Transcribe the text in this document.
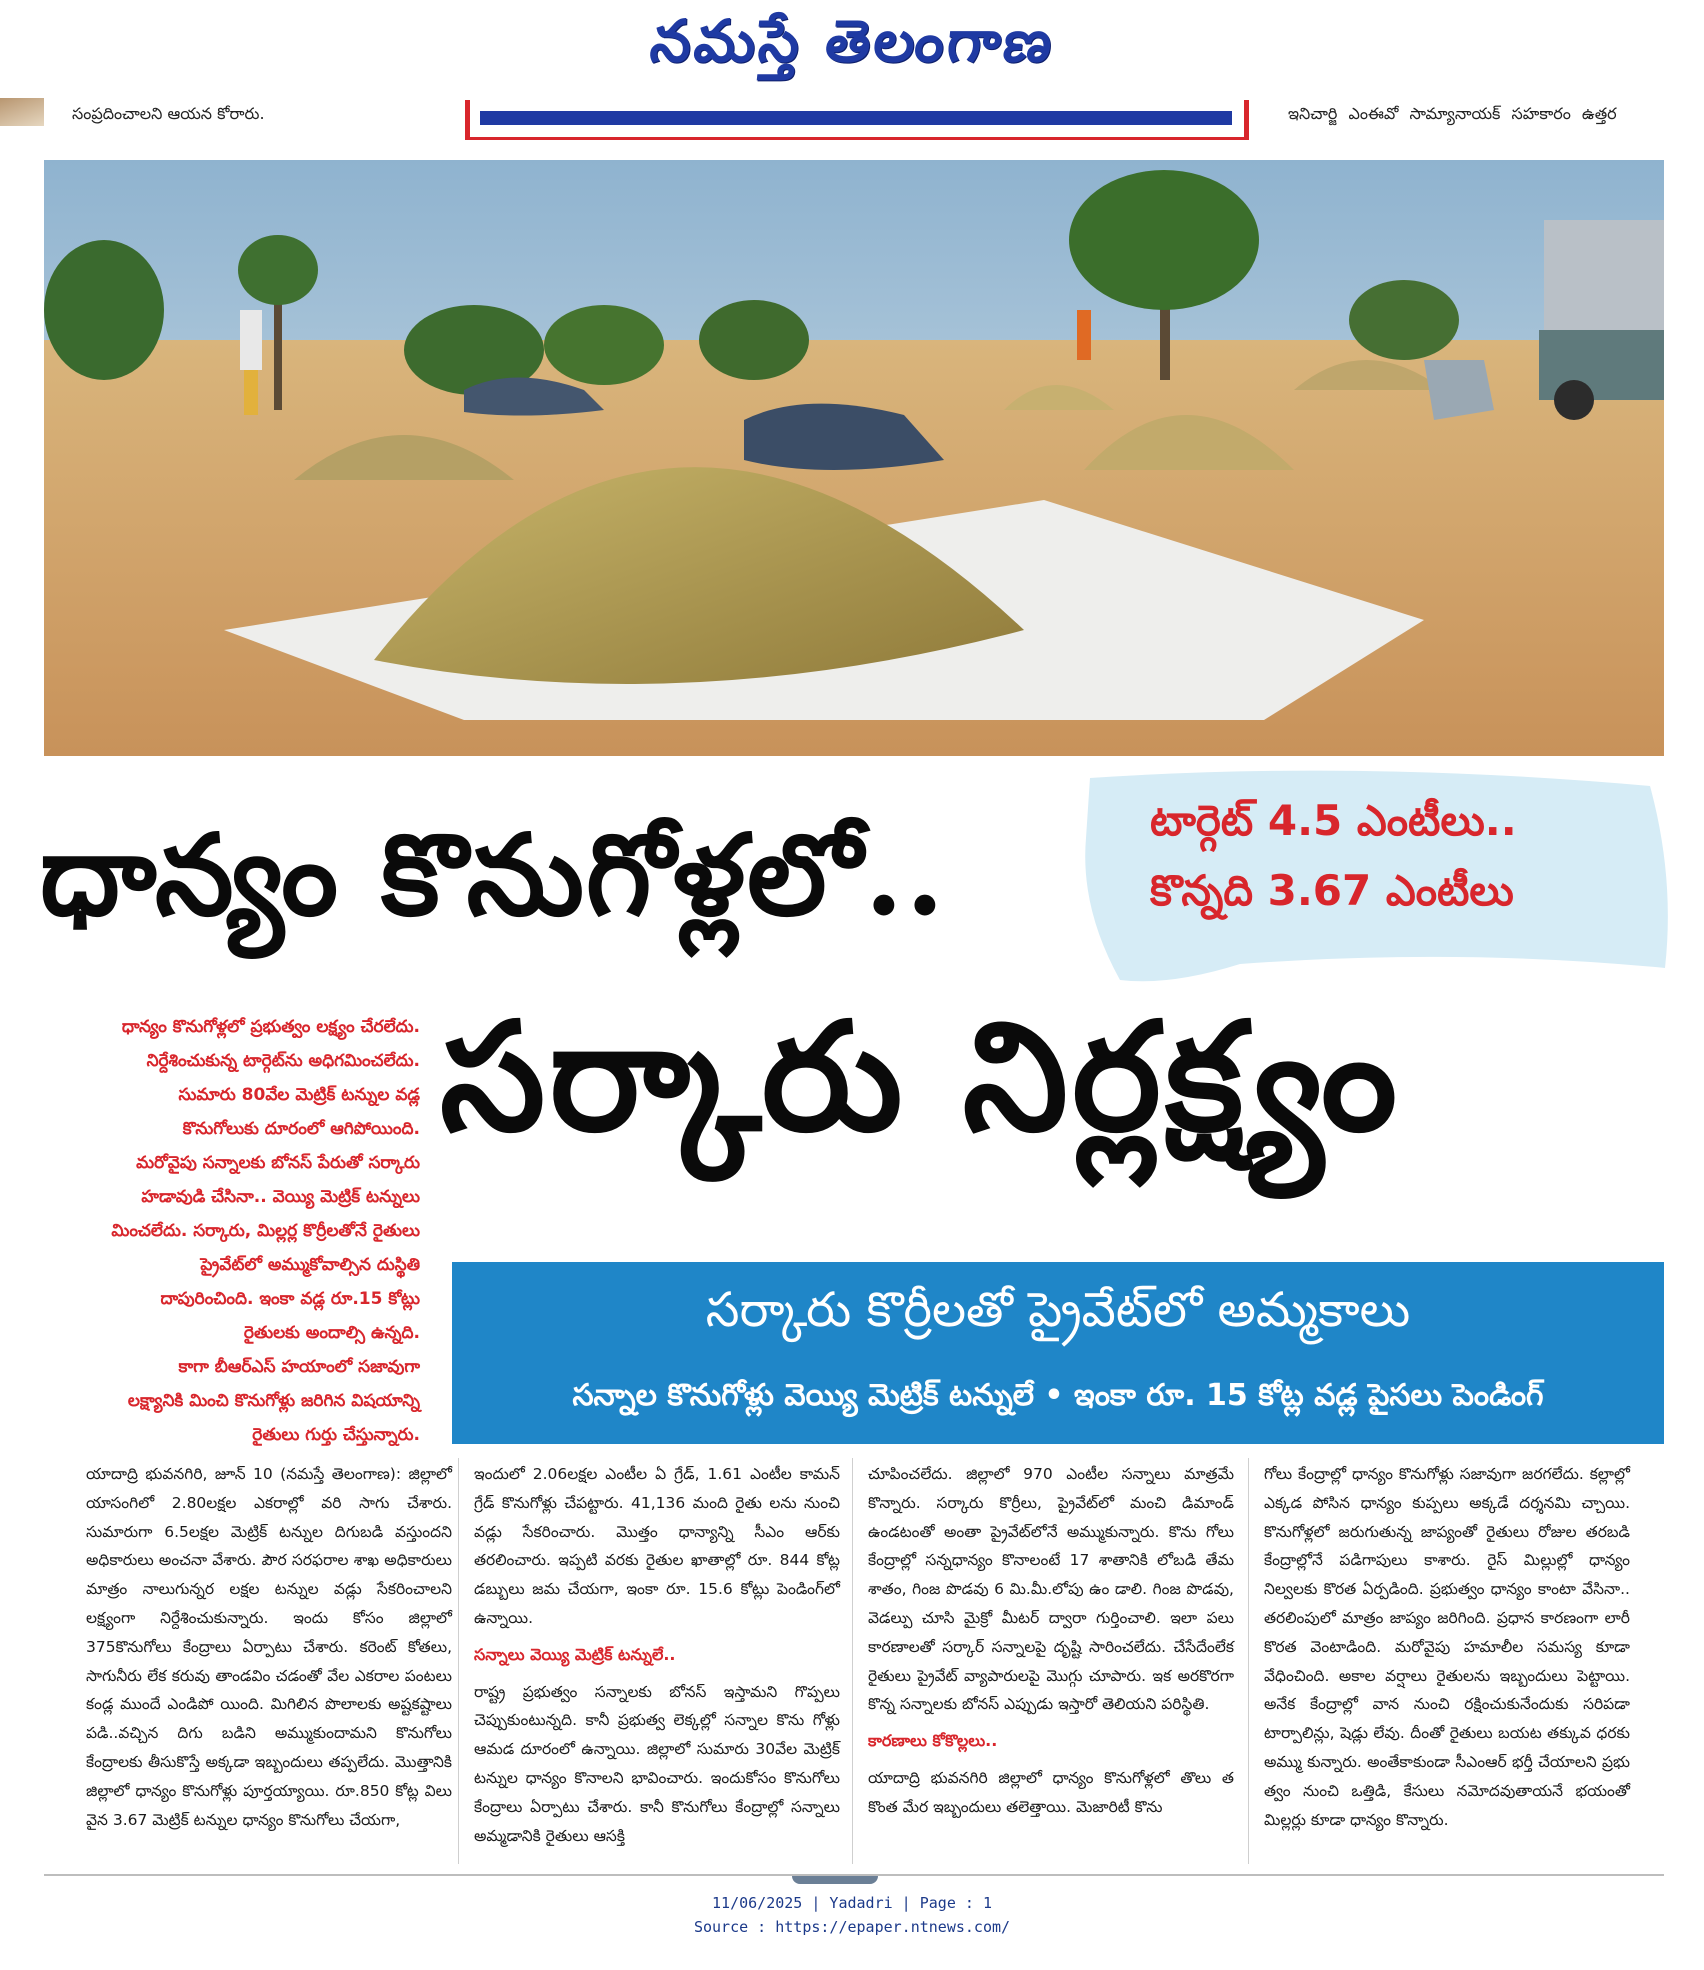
నమస్తే తెలంగాణ
సంప్రదించాలని ఆయన కోరారు.	ఇనిచార్జి ఎంఈవో సామ్యానాయక్ సహకారం ఉత్తర
ధాన్యం కొనుగోళ్లలో..	టార్గెట్ 4.5 ఎంటీలు..
కొన్నది 3.67 ఎంటీలు
సర్కారు నిర్లక్ష్యం

ధాన్యం కొనుగోళ్లలో ప్రభుత్వం లక్ష్యం చేరలేదు.

నిర్దేశించుకున్న టార్గెట్‌ను అధిగమించలేదు.

సుమారు 80వేల మెట్రిక్ టన్నుల వడ్ల

కొనుగోలుకు దూరంలో ఆగిపోయింది.

మరోవైపు సన్నాలకు బోనస్ పేరుతో సర్కారు

హడావుడి చేసినా.. వెయ్యి మెట్రిక్ టన్నులు

మించలేదు. సర్కారు, మిల్లర్ల కొర్రీలతోనే రైతులు

ప్రైవేట్‌లో అమ్ముకోవాల్సిన దుస్థితి

దాపురించింది. ఇంకా వడ్ల రూ.15 కోట్లు

రైతులకు అందాల్సి ఉన్నది.

కాగా బీఆర్ఎస్ హయాంలో సజావుగా

లక్ష్యానికి మించి కొనుగోళ్లు జరిగిన విషయాన్ని

రైతులు గుర్తు చేస్తున్నారు.

సర్కారు కొర్రీలతో ప్రైవేట్‌లో అమ్మకాలు
సన్నాల కొనుగోళ్లు వెయ్యి మెట్రిక్ టన్నులే • ఇంకా రూ. 15 కోట్ల వడ్ల పైసలు పెండింగ్

యాదాద్రి భువనగిరి, జూన్ 10 (నమస్తే తెలంగాణ): జిల్లాలో యాసంగిలో 2.80లక్షల ఎకరాల్లో వరి సాగు చేశారు. సుమారుగా 6.5లక్షల మెట్రిక్ టన్నుల దిగుబడి వస్తుందని అధికారులు అంచనా వేశారు. పౌర సరఫరాల శాఖ అధికారులు మాత్రం నాలుగున్నర లక్షల టన్నుల వడ్లు సేకరించాలని లక్ష్యంగా నిర్దేశించుకున్నారు. ఇందు కోసం జిల్లాలో 375కొనుగోలు కేంద్రాలు ఏర్పాటు చేశారు. కరెంట్ కోతలు, సాగునీరు లేక కరువు తాండవిం చడంతో వేల ఎకరాల పంటలు కండ్ల ముందే ఎండిపో యింది. మిగిలిన పొలాలకు అష్టకష్టాలు పడి..వచ్చిన దిగు బడిని అమ్ముకుందామని కొనుగోలు కేంద్రాలకు తీసుకొస్తే అక్కడా ఇబ్బందులు తప్పలేదు. మొత్తానికి జిల్లాలో ధాన్యం కొనుగోళ్లు పూర్తయ్యాయి. రూ.850 కోట్ల విలు వైన 3.67 మెట్రిక్ టన్నుల ధాన్యం కొనుగోలు చేయగా,

ఇందులో 2.06లక్షల ఎంటీల ఏ గ్రేడ్, 1.61 ఎంటీల కామన్ గ్రేడ్ కొనుగోళ్లు చేపట్టారు. 41,136 మంది రైతు లను నుంచి వడ్లు సేకరించారు. మొత్తం ధాన్యాన్ని సీఎం ఆర్‌కు తరలించారు. ఇప్పటి వరకు రైతుల ఖాతాల్లో రూ. 844 కోట్ల డబ్బులు జమ చేయగా, ఇంకా రూ. 15.6 కోట్లు పెండింగ్‌లో ఉన్నాయి.

సన్నాలు వెయ్యి మెట్రిక్ టన్నులే..

రాష్ట్ర ప్రభుత్వం సన్నాలకు బోనస్ ఇస్తామని గొప్పలు చెప్పుకుంటున్నది. కానీ ప్రభుత్వ లెక్కల్లో సన్నాల కొను గోళ్లు ఆమడ దూరంలో ఉన్నాయి. జిల్లాలో సుమారు 30వేల మెట్రిక్ టన్నుల ధాన్యం కొనాలని భావించారు. ఇందుకోసం కొనుగోలు కేంద్రాలు ఏర్పాటు చేశారు. కానీ కొనుగోలు కేంద్రాల్లో సన్నాలు అమ్మడానికి రైతులు ఆసక్తి

చూపించలేదు. జిల్లాలో 970 ఎంటీల సన్నాలు మాత్రమే కొన్నారు. సర్కారు కొర్రీలు, ప్రైవేట్‌లో మంచి డిమాండ్ ఉండటంతో అంతా ప్రైవేట్‌లోనే అమ్ముకున్నారు. కొను గోలు కేంద్రాల్లో సన్నధాన్యం కొనాలంటే 17 శాతానికి లోబడి తేమ శాతం, గింజ పొడవు 6 మి.మీ.లోపు ఉం డాలి. గింజ పొడవు, వెడల్పు చూసి మైక్రో మీటర్ ద్వారా గుర్తించాలి. ఇలా పలు కారణాలతో సర్కార్ సన్నాలపై దృష్టి సారించలేదు. చేసేదేంలేక రైతులు ప్రైవేట్ వ్యాపారులపై మొగ్గు చూపారు. ఇక అరకొరగా కొన్న సన్నాలకు బోనస్ ఎప్పుడు ఇస్తారో తెలియని పరిస్థితి.

కారణాలు కోకొల్లలు..

యాదాద్రి భువనగిరి జిల్లాలో ధాన్యం కొనుగోళ్లలో తొలు త కొంత మేర ఇబ్బందులు తలెత్తాయి. మెజారిటీ కొను

గోలు కేంద్రాల్లో ధాన్యం కొనుగోళ్లు సజావుగా జరగలేదు. కల్లాల్లో ఎక్కడ పోసిన ధాన్యం కుప్పలు అక్కడే దర్శనమి చ్చాయి. కొనుగోళ్లలో జరుగుతున్న జాప్యంతో రైతులు రోజుల తరబడి కేంద్రాల్లోనే పడిగాపులు కాశారు. రైస్ మిల్లుల్లో ధాన్యం నిల్వలకు కొరత ఏర్పడింది. ప్రభుత్వం ధాన్యం కాంటా వేసినా.. తరలింపులో మాత్రం జాప్యం జరిగింది. ప్రధాన కారణంగా లారీ కొరత వెంటాడింది. మరోవైపు హమాలీల సమస్య కూడా వేధించింది. అకాల వర్షాలు రైతులను ఇబ్బందులు పెట్టాయి. అనేక కేంద్రాల్లో వాన నుంచి రక్షించుకునేందుకు సరిపడా టార్పాలిన్లు, షెడ్లు లేవు. దీంతో రైతులు బయట తక్కువ ధరకు అమ్ము కున్నారు. అంతేకాకుండా సీఎంఆర్ భర్తీ చేయాలని ప్రభు త్వం నుంచి ఒత్తిడి, కేసులు నమోదవుతాయనే భయంతో మిల్లర్లు కూడా ధాన్యం కొన్నారు.

11/06/2025 | Yadadri | Page : 1
Source : https://epaper.ntnews.com/
